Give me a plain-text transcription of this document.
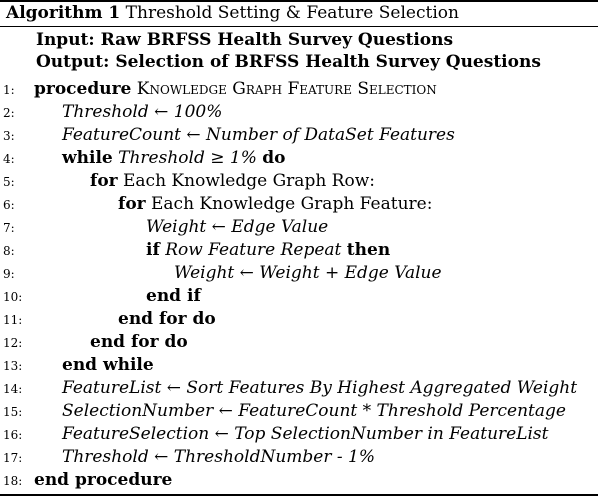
Algorithm 1 Threshold Setting & Feature Selection
Input: Raw BRFSS Health Survey Questions
Output: Selection of BRFSS Health Survey Questions
1:	procedure Knowledge Graph Feature Selection
2:	Threshold ← 100%
3:	FeatureCount ← Number of DataSet Features
4:	while Threshold ≥ 1% do
5:	for Each Knowledge Graph Row:
6:	for Each Knowledge Graph Feature:
7:	Weight ← Edge Value
8:	if Row Feature Repeat then
9:	Weight ← Weight + Edge Value
10:	end if
11:	end for do
12:	end for do
13: end while
14: FeatureList ← Sort Features By Highest Aggregated Weight
15: SelectionNumber ← FeatureCount * Threshold Percentage
16: FeatureSelection ← Top SelectionNumber in FeatureList
17: Threshold ← ThresholdNumber - 1%
18: end procedure
